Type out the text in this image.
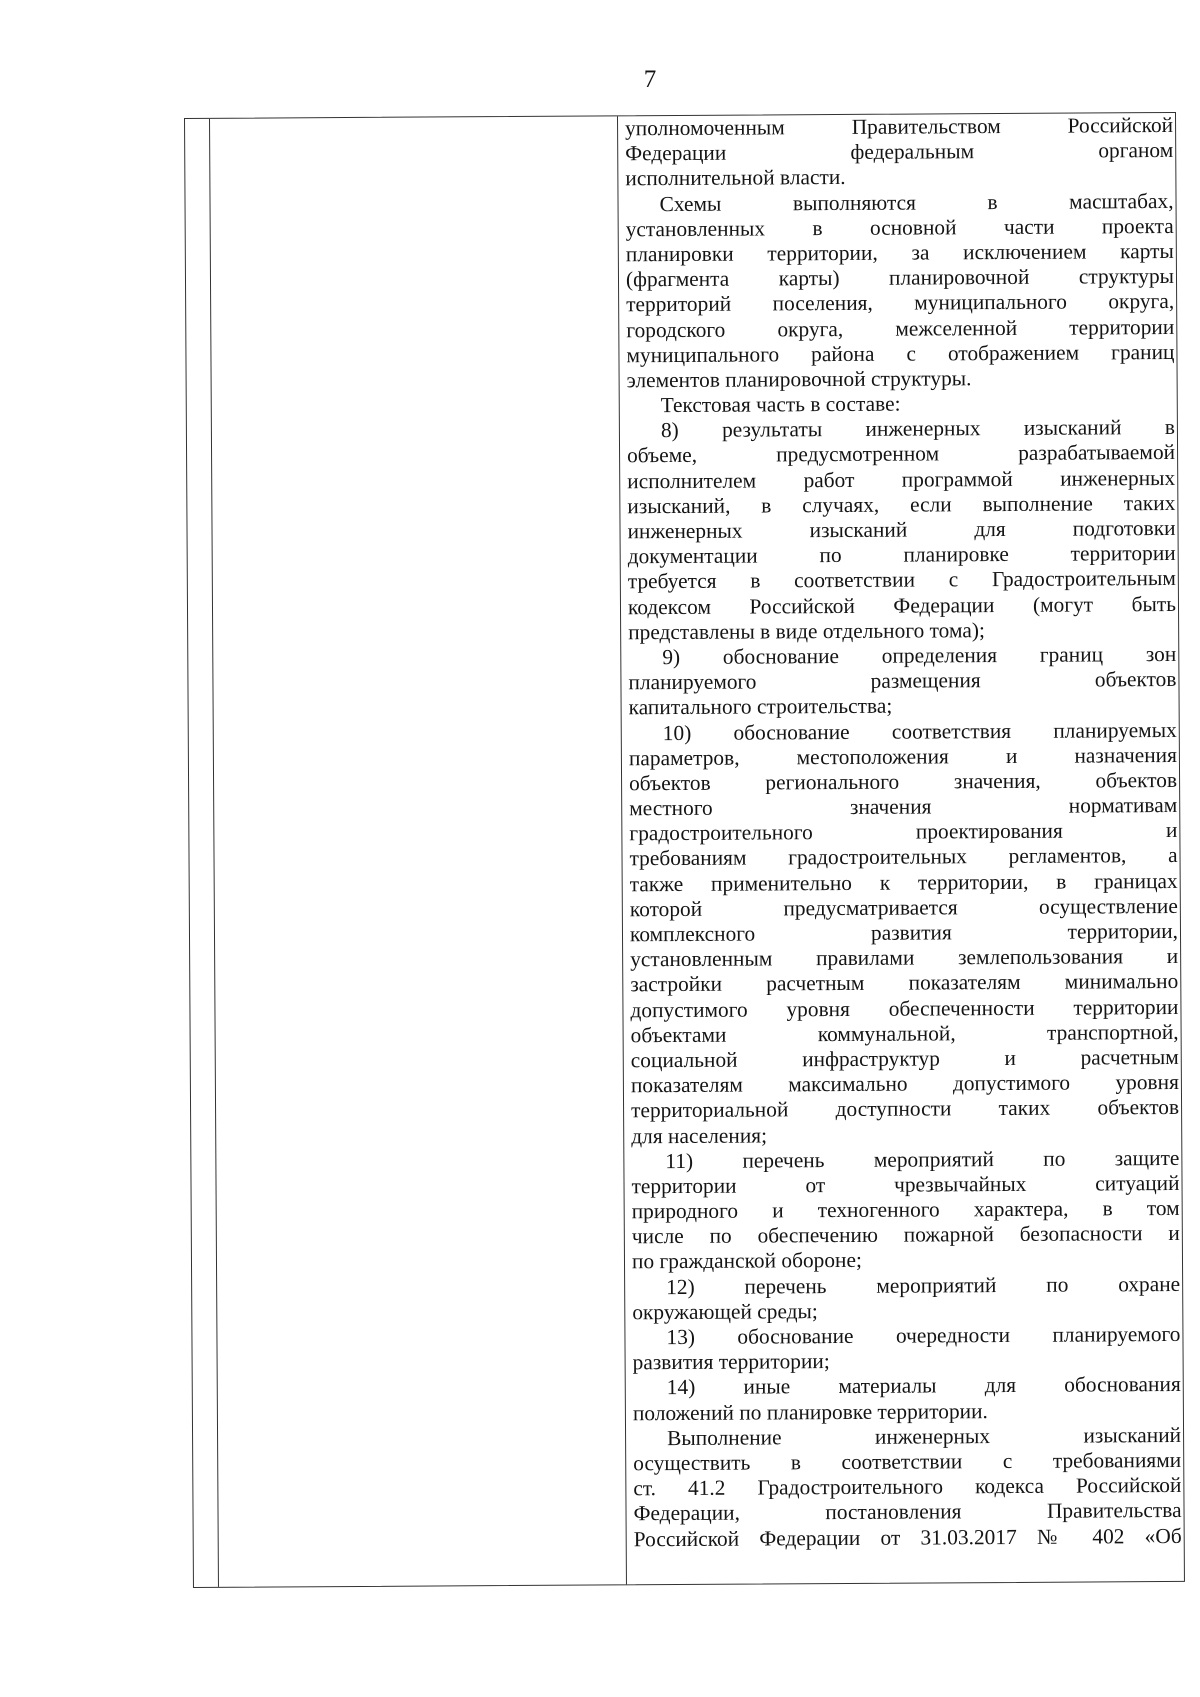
7
уполномоченным Правительством Российской
Федерации федеральным органом
исполнительной власти.
Схемы выполняются в масштабах,
установленных в основной части проекта
планировки территории, за исключением карты
(фрагмента карты) планировочной структуры
территорий поселения, муниципального округа,
городского округа, межселенной территории
муниципального района с отображением границ
элементов планировочной структуры.
Текстовая часть в составе:
8) результаты инженерных изысканий в
объеме, предусмотренном разрабатываемой
исполнителем работ программой инженерных
изысканий, в случаях, если выполнение таких
инженерных изысканий для подготовки
документации по планировке территории
требуется в соответствии с Градостроительным
кодексом Российской Федерации (могут быть
представлены в виде отдельного тома);
9) обоснование определения границ зон
планируемого размещения объектов
капитального строительства;
10) обоснование соответствия планируемых
параметров, местоположения и назначения
объектов регионального значения, объектов
местного значения нормативам
градостроительного проектирования и
требованиям градостроительных регламентов, а
также применительно к территории, в границах
которой предусматривается осуществление
комплексного развития территории,
установленным правилами землепользования и
застройки расчетным показателям минимально
допустимого уровня обеспеченности территории
объектами коммунальной, транспортной,
социальной инфраструктур и расчетным
показателям максимально допустимого уровня
территориальной доступности таких объектов
для населения;
11) перечень мероприятий по защите
территории от чрезвычайных ситуаций
природного и техногенного характера, в том
числе по обеспечению пожарной безопасности и
по гражданской обороне;
12) перечень мероприятий по охране
окружающей среды;
13) обоснование очередности планируемого
развития территории;
14) иные материалы для обоснования
положений по планировке территории.
Выполнение инженерных изысканий
осуществить в соответствии с требованиями
ст. 41.2 Градостроительного кодекса Российской
Федерации, постановления Правительства
Российской Федерации от 31.03.2017 № 402 «Об
